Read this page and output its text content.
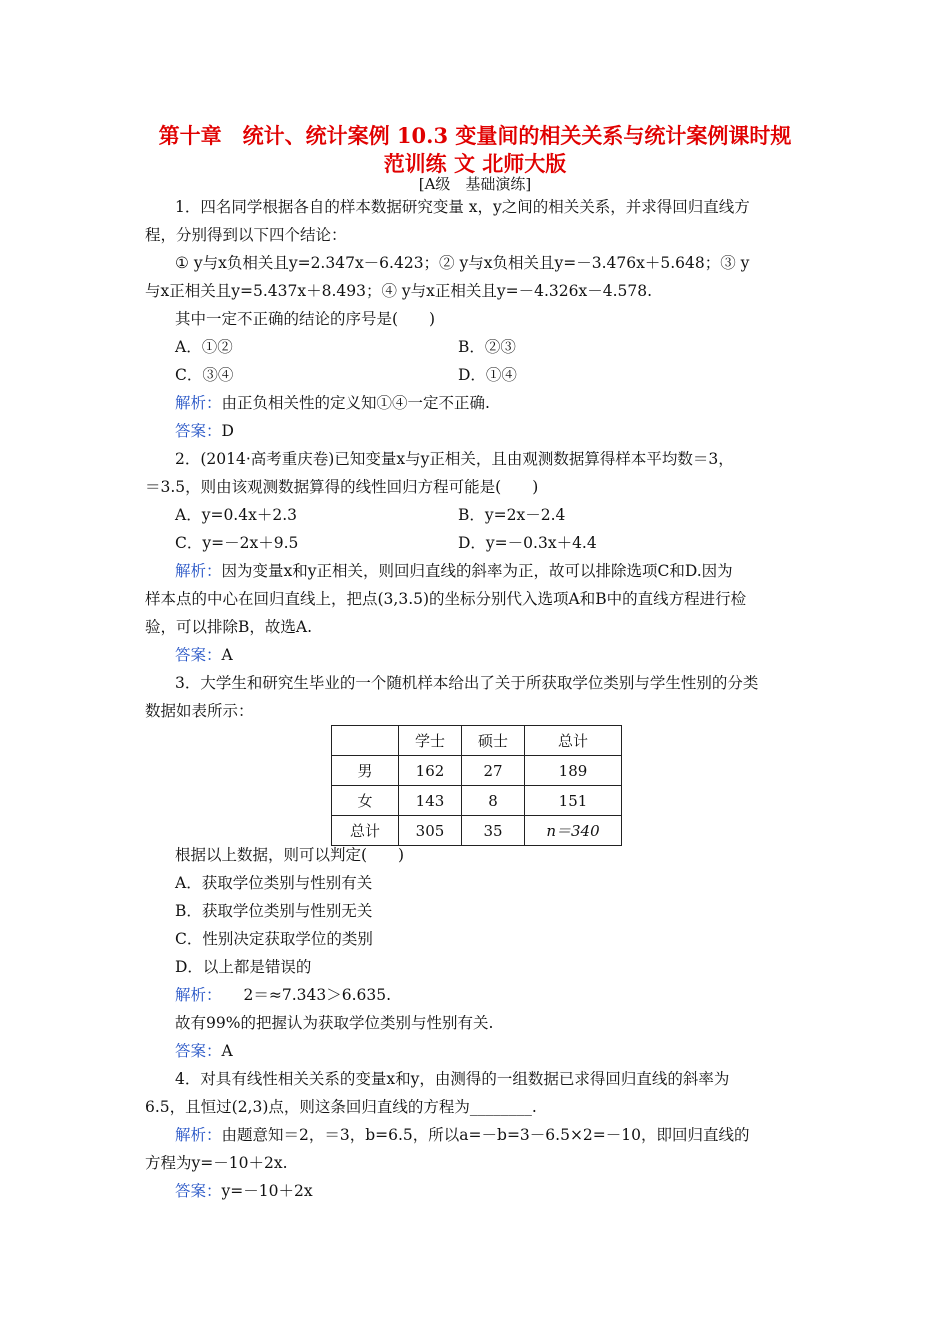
第十章　统计、统计案例 10.3 变量间的相关关系与统计案例课时规
范训练 文 北师大版
[A级　基础演练]
1．四名同学根据各自的样本数据研究变量 x，y之间的相关关系，并求得回归直线方
程，分别得到以下四个结论：
① y与x负相关且y=2.347x－6.423；② y与x负相关且y=－3.476x＋5.648；③ y
与x正相关且y=5.437x＋8.493；④ y与x正相关且y=－4.326x－4.578.
其中一定不正确的结论的序号是(　　)
A．①②	B．②③
C．③④	D．①④
解析：由正负相关性的定义知①④一定不正确.
答案：D
2．(2014·高考重庆卷)已知变量x与y正相关，且由观测数据算得样本平均数＝3，
＝3.5，则由该观测数据算得的线性回归方程可能是(　　)
A．y=0.4x＋2.3	B．y=2x－2.4
C．y=－2x＋9.5	D．y=－0.3x＋4.4
解析：因为变量x和y正相关，则回归直线的斜率为正，故可以排除选项C和D.因为
样本点的中心在回归直线上，把点(3,3.5)的坐标分别代入选项A和B中的直线方程进行检
验，可以排除B，故选A.
答案：A
3．大学生和研究生毕业的一个随机样本给出了关于所获取学位类别与学生性别的分类
数据如表所示：
	学士	硕士	总计
男	162	27	189
女	143	8	151
总计	305	35	n＝340
根据以上数据，则可以判定(　　)
A．获取学位类别与性别有关
B．获取学位类别与性别无关
C．性别决定获取学位的类别
D．以上都是错误的
解析： 2＝≈7.343＞6.635.
故有99%的把握认为获取学位类别与性别有关.
答案：A
4．对具有线性相关关系的变量x和y，由测得的一组数据已求得回归直线的斜率为
6.5，且恒过(2,3)点，则这条回归直线的方程为________.
解析：由题意知＝2，＝3，b=6.5，所以a=－b=3－6.5×2=－10，即回归直线的
方程为y=－10＋2x.
答案：y=－10＋2x
